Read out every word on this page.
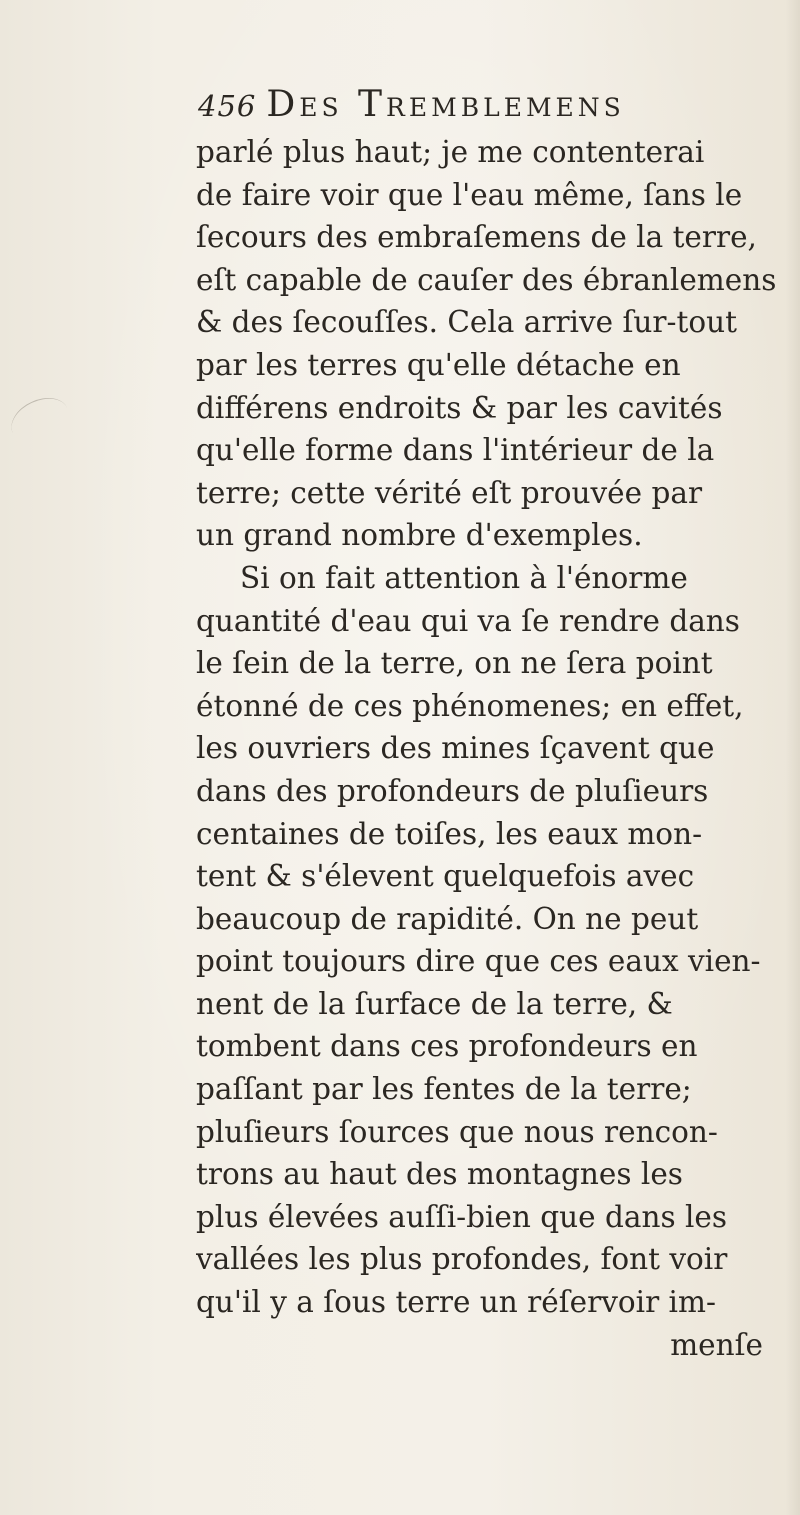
456 Des Tremblemens
parlé plus haut; je me contenterai
de faire voir que l'eau même, ſans le
ſecours des embraſemens de la terre,
eſt capable de cauſer des ébranlemens
& des ſecouſſes. Cela arrive ſur-tout
par les terres qu'elle détache en
différens endroits & par les cavités
qu'elle forme dans l'intérieur de la
terre; cette vérité eſt prouvée par
un grand nombre d'exemples.
Si on fait attention à l'énorme
quantité d'eau qui va ſe rendre dans
le ſein de la terre, on ne ſera point
étonné de ces phénomenes; en effet,
les ouvriers des mines ſçavent que
dans des profondeurs de pluſieurs
centaines de toiſes, les eaux mon-
tent & s'élevent quelquefois avec
beaucoup de rapidité. On ne peut
point toujours dire que ces eaux vien-
nent de la ſurface de la terre, &
tombent dans ces profondeurs en
paſſant par les fentes de la terre;
pluſieurs ſources que nous rencon-
trons au haut des montagnes les
plus élevées auſſi-bien que dans les
vallées les plus profondes, font voir
qu'il y a ſous terre un réſervoir im-
menſe
